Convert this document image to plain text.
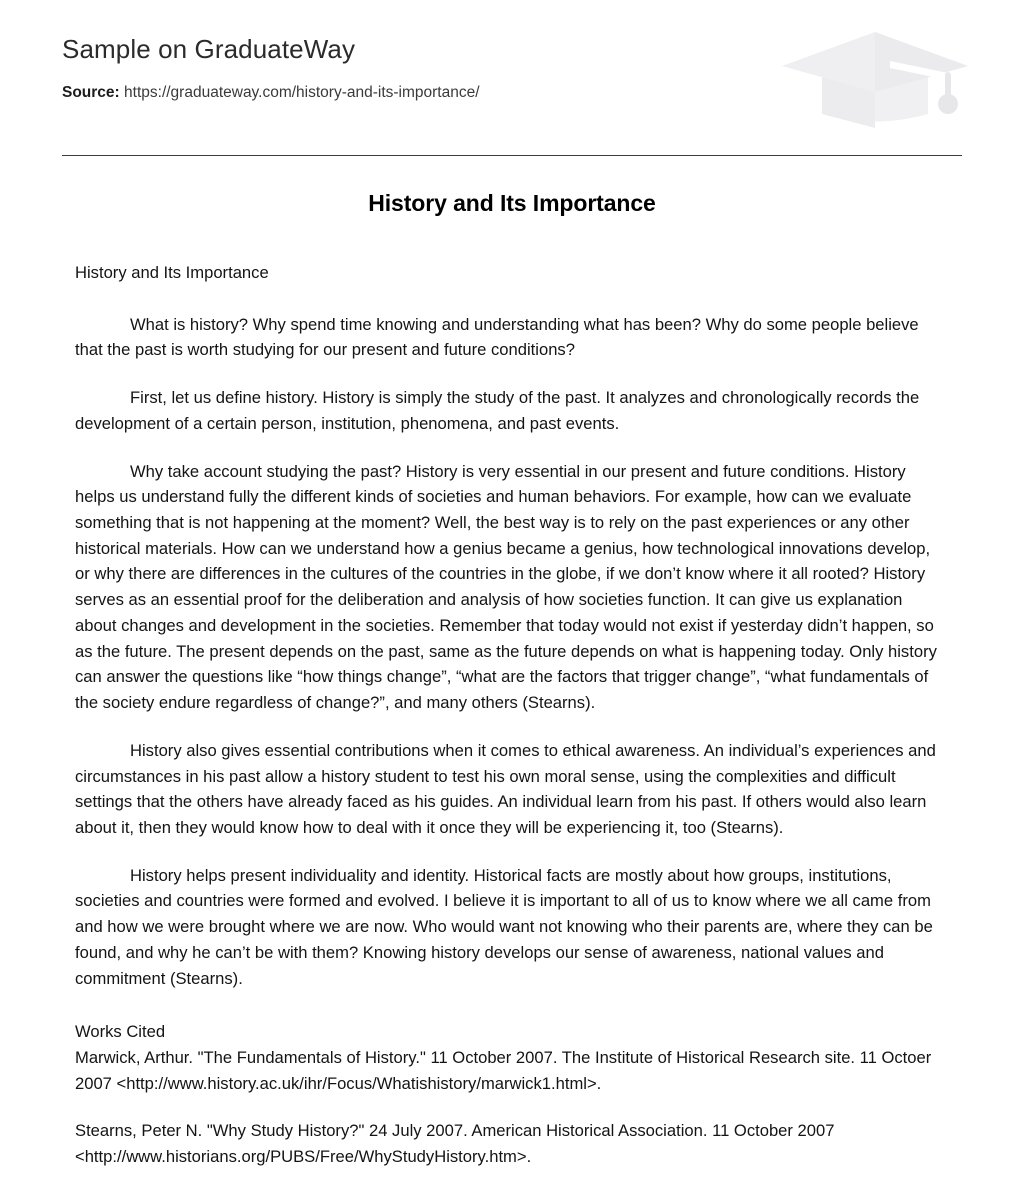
Sample on GraduateWay
Source: https://graduateway.com/history-and-its-importance/
History and Its Importance

History and Its Importance

What is history? Why spend time knowing and understanding what has been? Why do some people believe that the past is worth studying for our present and future conditions?

First, let us define history. History is simply the study of the past. It analyzes and chronologically records the development of a certain person, institution, phenomena, and past events.

Why take account studying the past? History is very essential in our present and future conditions. History helps us understand fully the different kinds of societies and human behaviors. For example, how can we evaluate something that is not happening at the moment? Well, the best way is to rely on the past experiences or any other historical materials. How can we understand how a genius became a genius, how technological innovations develop, or why there are differences in the cultures of the countries in the globe, if we don’t know where it all rooted? History serves as an essential proof for the deliberation and analysis of how societies function. It can give us explanation about changes and development in the societies. Remember that today would not exist if yesterday didn’t happen, so as the future. The present depends on the past, same as the future depends on what is happening today. Only history can answer the questions like “how things change”, “what are the factors that trigger change”, “what fundamentals of the society endure regardless of change?”, and many others (Stearns).

History also gives essential contributions when it comes to ethical awareness. An individual’s experiences and circumstances in his past allow a history student to test his own moral sense, using the complexities and difficult settings that the others have already faced as his guides. An individual learn from his past. If others would also learn about it, then they would know how to deal with it once they will be experiencing it, too (Stearns).

History helps present individuality and identity. Historical facts are mostly about how groups, institutions, societies and countries were formed and evolved. I believe it is important to all of us to know where we all came from and how we were brought where we are now. Who would want not knowing who their parents are, where they can be found, and why he can’t be with them? Knowing history develops our sense of awareness, national values and commitment (Stearns).

Works Cited

Marwick, Arthur. "The Fundamentals of History." 11 October 2007. The Institute of Historical Research site. 11 Octoer 2007 <http://www.history.ac.uk/ihr/Focus/Whatishistory/marwick1.html>.

Stearns, Peter N. "Why Study History?" 24 July 2007. American Historical Association. 11 October 2007 <http://www.historians.org/PUBS/Free/WhyStudyHistory.htm>.
